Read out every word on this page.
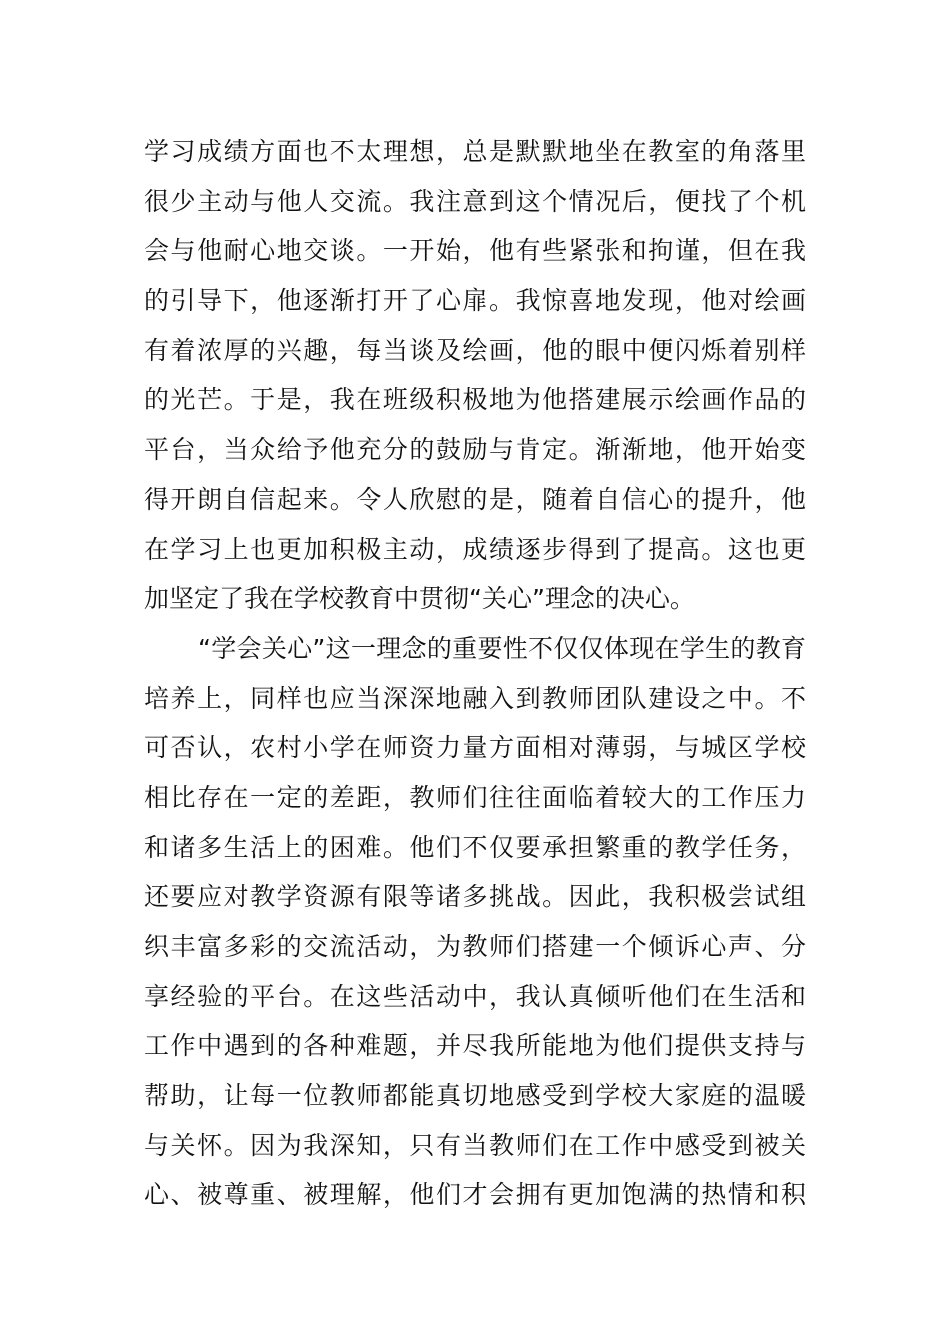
学习成绩方面也不太理想，总是默默地坐在教室的角落里
很少主动与他人交流。我注意到这个情况后，便找了个机
会与他耐心地交谈。一开始，他有些紧张和拘谨，但在我
的引导下，他逐渐打开了心扉。我惊喜地发现，他对绘画
有着浓厚的兴趣，每当谈及绘画，他的眼中便闪烁着别样
的光芒。于是，我在班级积极地为他搭建展示绘画作品的
平台，当众给予他充分的鼓励与肯定。渐渐地，他开始变
得开朗自信起来。令人欣慰的是，随着自信心的提升，他
在学习上也更加积极主动，成绩逐步得到了提高。这也更
加坚定了我在学校教育中贯彻“关心”理念的决心。
“学会关心”这一理念的重要性不仅仅体现在学生的教育
培养上，同样也应当深深地融入到教师团队建设之中。不
可否认，农村小学在师资力量方面相对薄弱，与城区学校
相比存在一定的差距，教师们往往面临着较大的工作压力
和诸多生活上的困难。他们不仅要承担繁重的教学任务，
还要应对教学资源有限等诸多挑战。因此，我积极尝试组
织丰富多彩的交流活动，为教师们搭建一个倾诉心声、分
享经验的平台。在这些活动中，我认真倾听他们在生活和
工作中遇到的各种难题，并尽我所能地为他们提供支持与
帮助，让每一位教师都能真切地感受到学校大家庭的温暖
与关怀。因为我深知，只有当教师们在工作中感受到被关
心、被尊重、被理解，他们才会拥有更加饱满的热情和积
